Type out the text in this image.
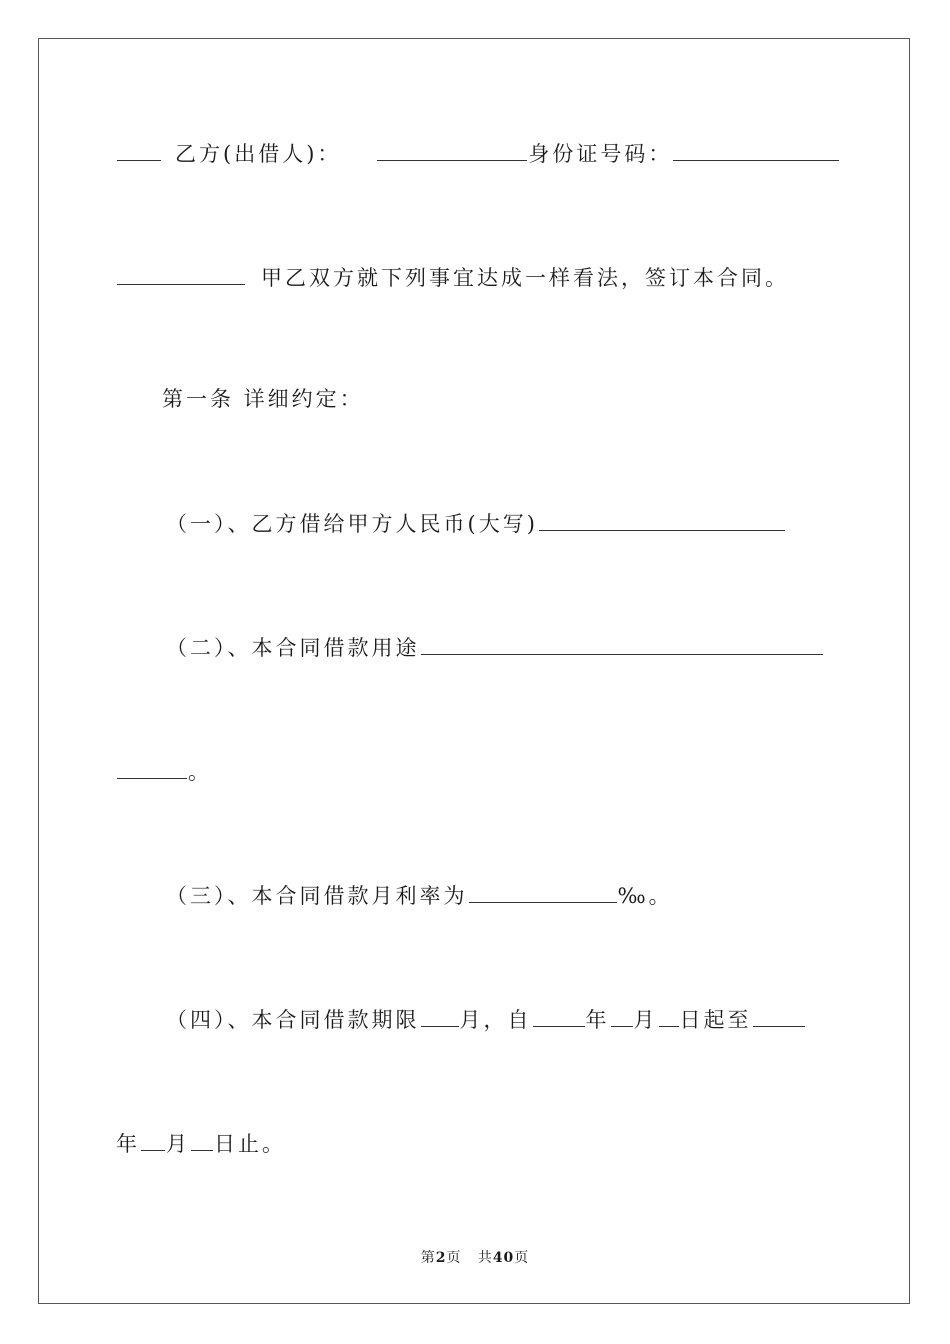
乙方(出借人)：	身份证号码：
甲乙双方就下列事宜达成一样看法，签订本合同。
第一条 详细约定：
（一）、乙方借给甲方人民币(大写)
（二）、本合同借款用途
。
（三）、本合同借款月利率为	‰。
（四）、本合同借款期限 月，自	年 月 日起至
年 月 日止。
第2页 共40页
